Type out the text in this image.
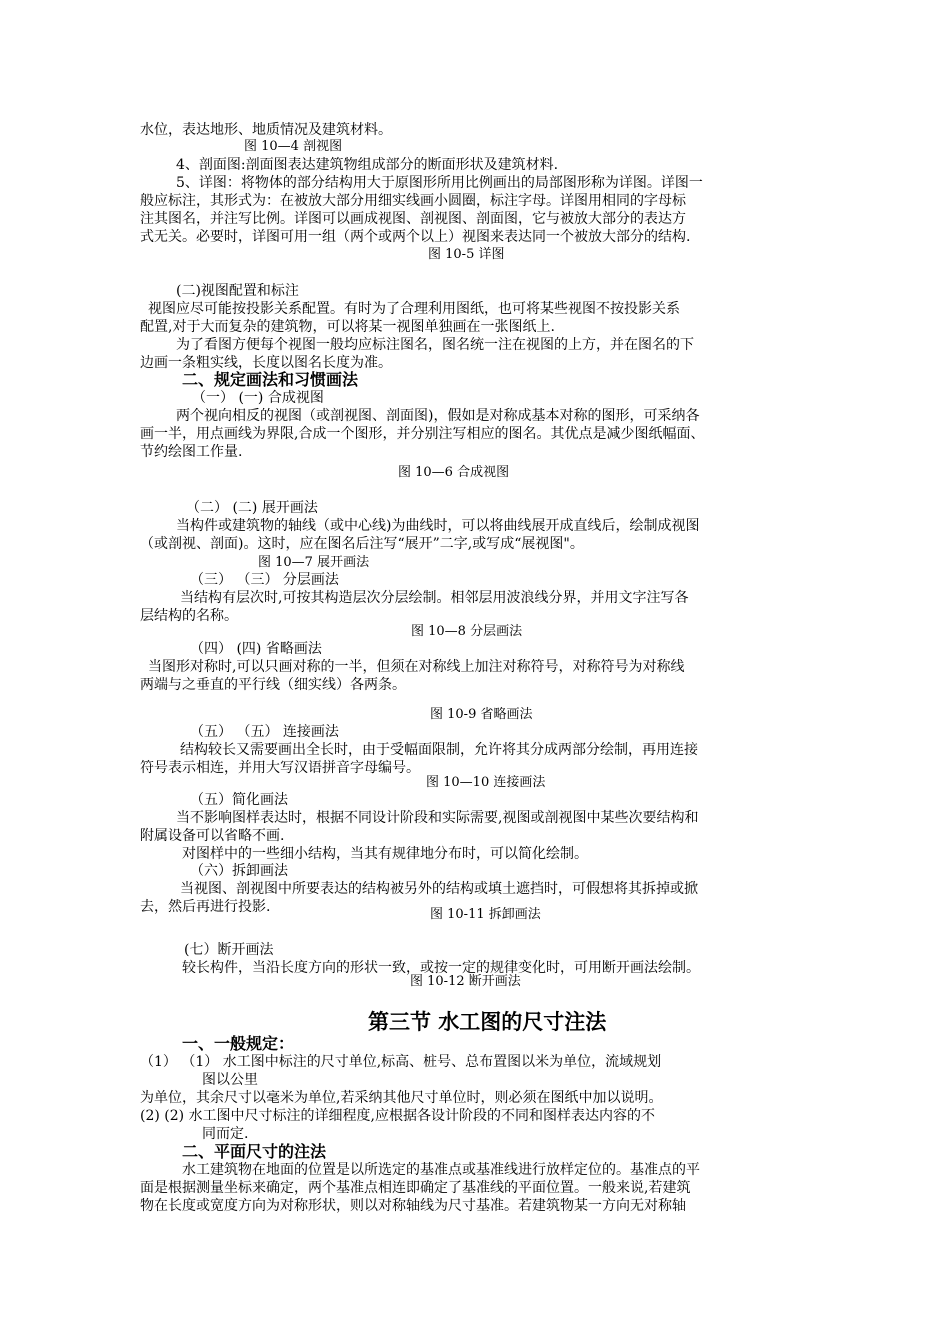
水位，表达地形、地质情况及建筑材料。
图 10—4 剖视图
4、剖面图:剖面图表达建筑物组成部分的断面形状及建筑材料.
5、详图：将物体的部分结构用大于原图形所用比例画出的局部图形称为详图。详图一
般应标注，其形式为：在被放大部分用细实线画小圆圈，标注字母。详图用相同的字母标
注其图名，并注写比例。详图可以画成视图、剖视图、剖面图，它与被放大部分的表达方
式无关。必要时，详图可用一组（两个或两个以上）视图来表达同一个被放大部分的结构.
图 10-5 详图
(二)视图配置和标注
视图应尽可能按投影关系配置。有时为了合理利用图纸，也可将某些视图不按投影关系
配置,对于大而复杂的建筑物，可以将某一视图单独画在一张图纸上.
为了看图方便每个视图一般均应标注图名，图名统一注在视图的上方，并在图名的下
边画一条粗实线，长度以图名长度为准。
二、规定画法和习惯画法
（一） (一) 合成视图
两个视向相反的视图（或剖视图、剖面图)，假如是对称成基本对称的图形，可采纳各
画一半，用点画线为界限,合成一个图形，并分别注写相应的图名。其优点是减少图纸幅面、
节约绘图工作量.
图 10—6 合成视图
（二） (二) 展开画法
当构件或建筑物的轴线（或中心线)为曲线时，可以将曲线展开成直线后，绘制成视图
（或剖视、剖面)。这时，应在图名后注写“展开”二字,或写成“展视图"。
图 10—7 展开画法
（三） （三） 分层画法
当结构有层次时,可按其构造层次分层绘制。相邻层用波浪线分界，并用文字注写各
层结构的名称。
图 10—8 分层画法
（四） (四) 省略画法
当图形对称时,可以只画对称的一半，但须在对称线上加注对称符号，对称符号为对称线
两端与之垂直的平行线（细实线）各两条。
图 10-9 省略画法
（五） （五） 连接画法
结构较长又需要画出全长时，由于受幅面限制，允许将其分成两部分绘制，再用连接
符号表示相连，并用大写汉语拼音字母编号。
图 10—10 连接画法
（五）简化画法
当不影响图样表达时，根据不同设计阶段和实际需要,视图或剖视图中某些次要结构和
附属设备可以省略不画.
对图样中的一些细小结构，当其有规律地分布时，可以简化绘制。
（六）拆卸画法
当视图、剖视图中所要表达的结构被另外的结构或填土遮挡时，可假想将其拆掉或掀
去，然后再进行投影.	图 10-11 拆卸画法
(七）断开画法
较长构件，当沿长度方向的形状一致，或按一定的规律变化时，可用断开画法绘制。
图 10-12 断开画法
第三节 水工图的尺寸注法
一、一般规定：
（1） （1） 水工图中标注的尺寸单位,标高、桩号、总布置图以米为单位，流域规划
图以公里
为单位，其余尺寸以毫米为单位,若采纳其他尺寸单位时，则必须在图纸中加以说明。
(2) (2) 水工图中尺寸标注的详细程度,应根据各设计阶段的不同和图样表达内容的不
同而定.
二、平面尺寸的注法
水工建筑物在地面的位置是以所选定的基准点或基准线进行放样定位的。基准点的平
面是根据测量坐标来确定，两个基准点相连即确定了基准线的平面位置。一般来说,若建筑
物在长度或宽度方向为对称形状，则以对称轴线为尺寸基准。若建筑物某一方向无对称轴
